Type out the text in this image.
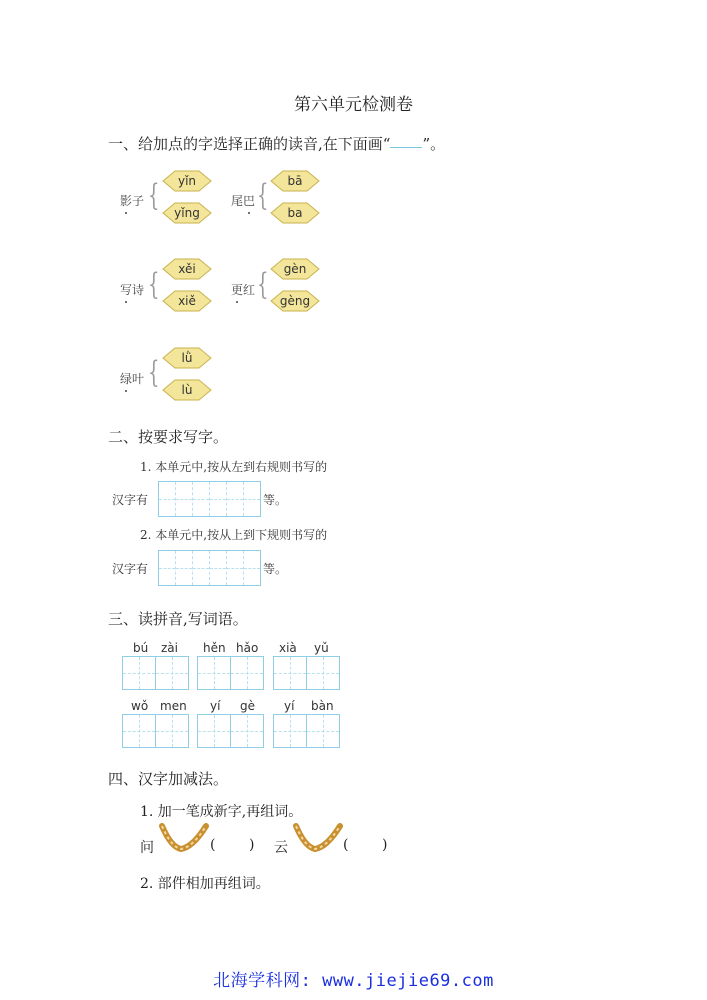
第六单元检测卷
一、给加点的字选择正确的读音,在下面画“ ”。
影子 { yǐn
yǐng
尾巴 { bā
ba
写诗 { xěi
xiě
更红 { gèn
gèng
绿叶 { lǜ
lù
二、按要求写字。
1. 本单元中,按从左到右规则书写的
汉字有	等。
2. 本单元中,按从上到下规则书写的
汉字有	等。
三、读拼音,写词语。
bú zài hěn hǎo xià yǔ
wǒ men yí gè yí bàn
四、汉字加减法。
1. 加一笔成新字,再组词。
问	( ) 云	( )
2. 部件相加再组词。
北海学科网: www.jiejie69.com
